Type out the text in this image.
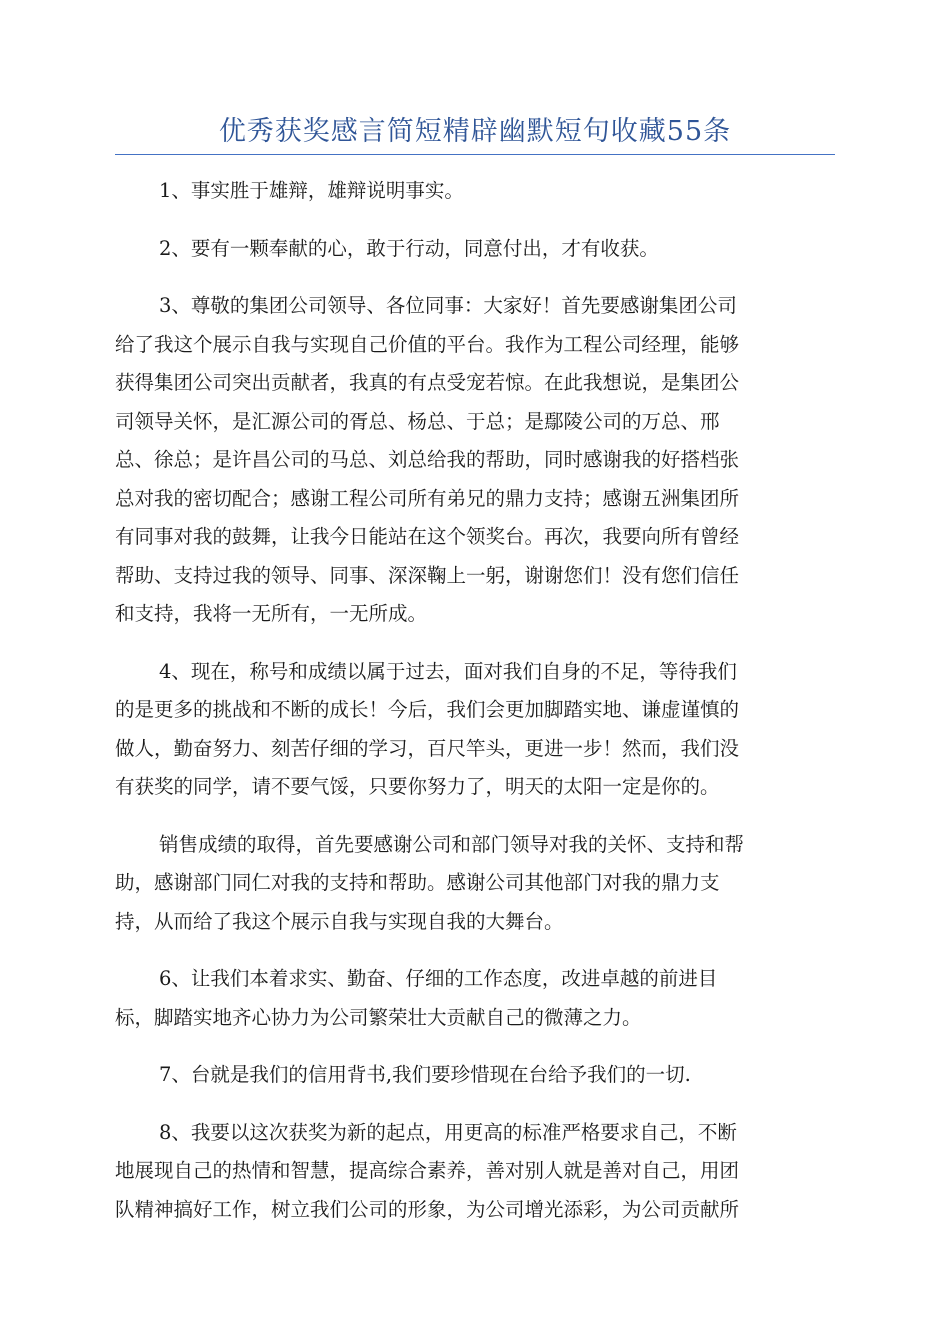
优秀获奖感言简短精辟幽默短句收藏55条

1、事实胜于雄辩，雄辩说明事实。

2、要有一颗奉献的心，敢于行动，同意付出，才有收获。

3、尊敬的集团公司领导、各位同事：大家好！首先要感谢集团公司
给了我这个展示自我与实现自己价值的平台。我作为工程公司经理，能够
获得集团公司突出贡献者，我真的有点受宠若惊。在此我想说，是集团公
司领导关怀，是汇源公司的胥总、杨总、于总；是鄢陵公司的万总、邢
总、徐总；是许昌公司的马总、刘总给我的帮助，同时感谢我的好搭档张
总对我的密切配合；感谢工程公司所有弟兄的鼎力支持；感谢五洲集团所
有同事对我的鼓舞，让我今日能站在这个领奖台。再次，我要向所有曾经
帮助、支持过我的领导、同事、深深鞠上一躬，谢谢您们！没有您们信任
和支持，我将一无所有，一无所成。

4、现在，称号和成绩以属于过去，面对我们自身的不足，等待我们
的是更多的挑战和不断的成长！今后，我们会更加脚踏实地、谦虚谨慎的
做人，勤奋努力、刻苦仔细的学习，百尺竿头，更进一步！然而，我们没
有获奖的同学，请不要气馁，只要你努力了，明天的太阳一定是你的。

销售成绩的取得，首先要感谢公司和部门领导对我的关怀、支持和帮
助，感谢部门同仁对我的支持和帮助。感谢公司其他部门对我的鼎力支
持，从而给了我这个展示自我与实现自我的大舞台。

6、让我们本着求实、勤奋、仔细的工作态度，改进卓越的前进目
标，脚踏实地齐心协力为公司繁荣壮大贡献自己的微薄之力。

7、台就是我们的信用背书,我们要珍惜现在台给予我们的一切.

8、我要以这次获奖为新的起点，用更高的标准严格要求自己，不断
地展现自己的热情和智慧，提高综合素养，善对别人就是善对自己，用团
队精神搞好工作，树立我们公司的形象，为公司增光添彩，为公司贡献所
